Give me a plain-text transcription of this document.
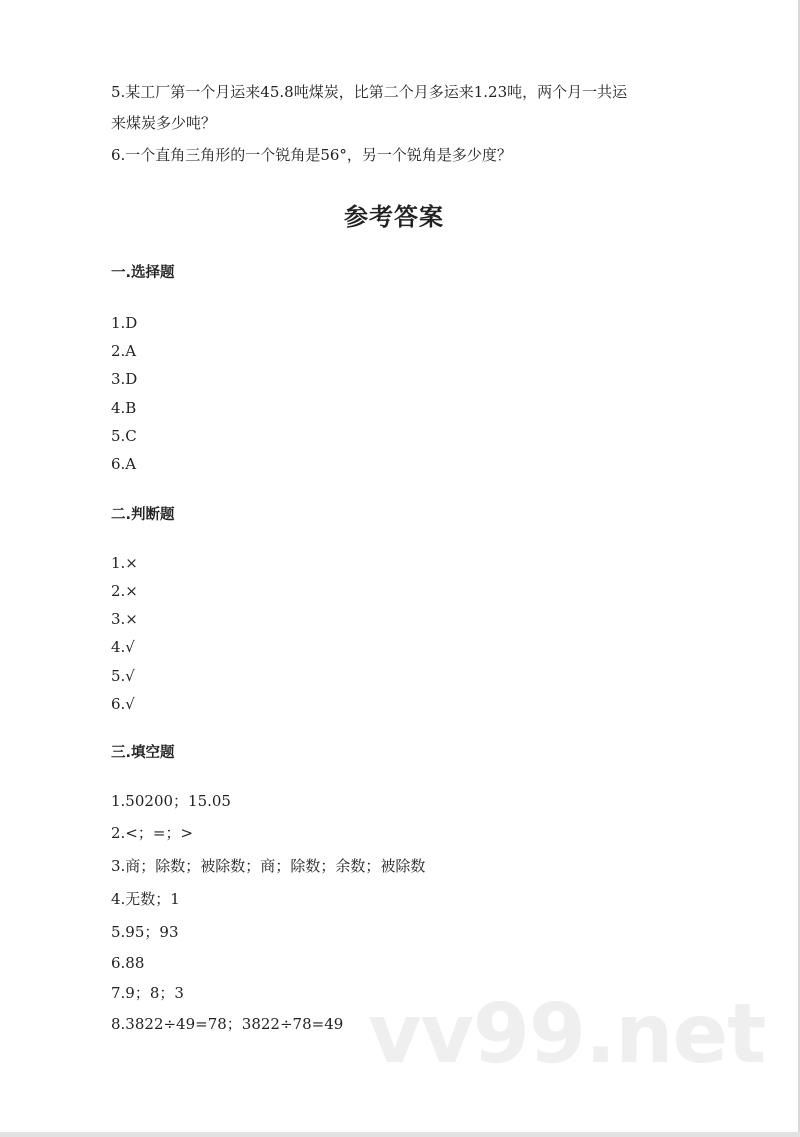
5.某工厂第一个月运来45.8吨煤炭，比第二个月多运来1.23吨，两个月一共运
来煤炭多少吨？
6.一个直角三角形的一个锐角是56°，另一个锐角是多少度？
参考答案
一.选择题
1.D
2.A
3.D
4.B
5.C
6.A
二.判断题
1.×
2.×
3.×
4.√
5.√
6.√
三.填空题
1.50200；15.05
2.<；=；>
3.商；除数；被除数；商；除数；余数；被除数
4.无数；1
5.95；93
6.88
7.9；8；3
8.3822÷49=78；3822÷78=49 vv99.net
